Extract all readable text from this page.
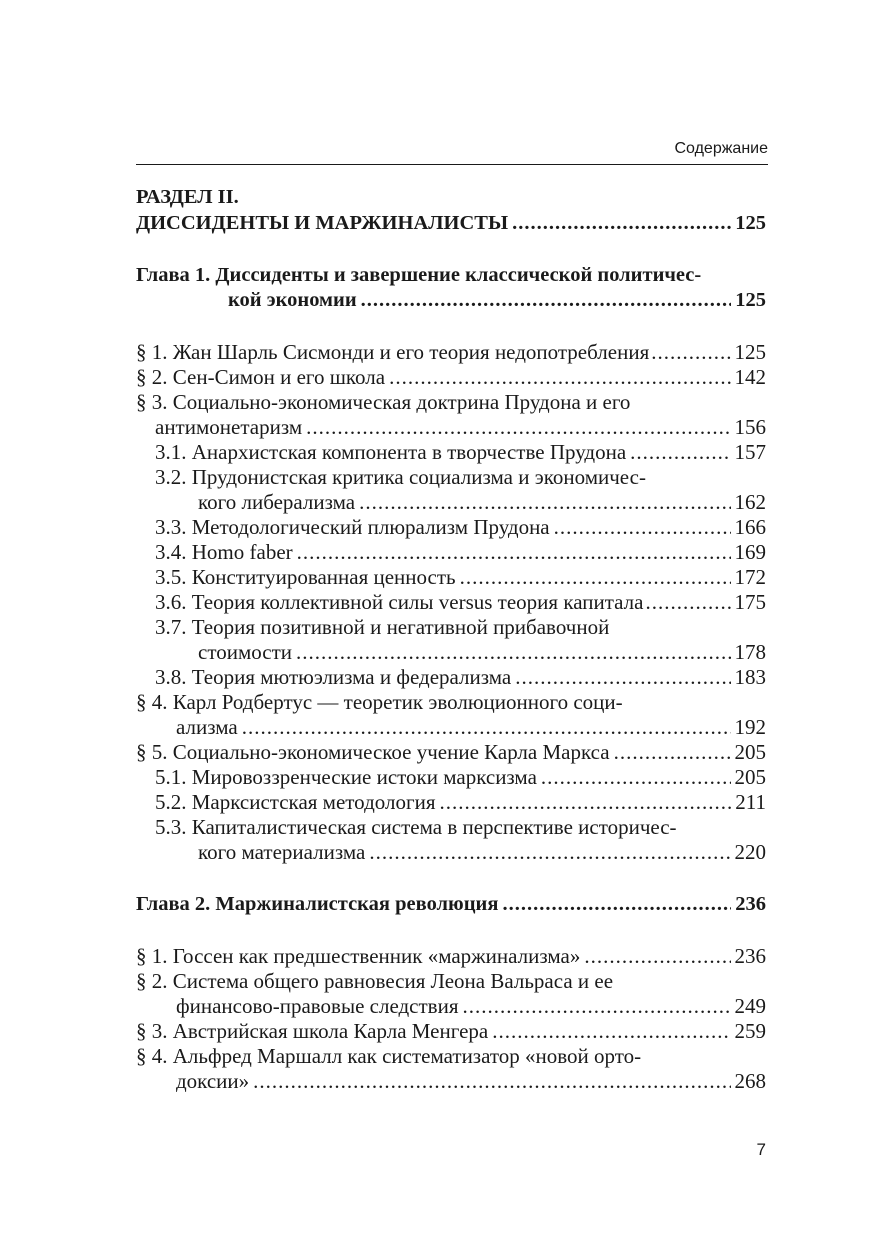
Содержание
РАЗДЕЛ II.
ДИССИДЕНТЫ И МАРЖИНАЛИСТЫ .....	125
Глава 1. Диссиденты и завершение классической политичес-
кой экономии .....	125
§ 1. Жан Шарль Сисмонди и его теория недопотребления .....	125
§ 2. Сен-Симон и его школа .....	142
§ 3. Социально-экономическая доктрина Прудона и его
антимонетаризм .....	156
3.1. Анархистская компонента в творчестве Прудона .....	157
3.2. Прудонистская критика социализма и экономичес-
кого либерализма .....	162
3.3. Методологический плюрализм Прудона .....	166
3.4. Homo faber .....	169
3.5. Конституированная ценность .....	172
3.6. Теория коллективной силы versus теория капитала .....	175
3.7. Теория позитивной и негативной прибавочной
стоимости .....	178
3.8. Теория мютюэлизма и федерализма .....	183
§ 4. Карл Родбертус — теоретик эволюционного соци-
ализма .....	192
§ 5. Социально-экономическое учение Карла Маркса .....	205
5.1. Мировоззренческие истоки марксизма .....	205
5.2. Марксистская методология .....	211
5.3. Капиталистическая система в перспективе историчес-
кого материализма .....	220
Глава 2. Маржиналистская революция .....	236
§ 1. Госсен как предшественник «маржинализма» .....	236
§ 2. Система общего равновесия Леона Вальраса и ее
финансово-правовые следствия .....	249
§ 3. Австрийская школа Карла Менгера .....	259
§ 4. Альфред Маршалл как систематизатор «новой орто-
доксии» .....	268
7
